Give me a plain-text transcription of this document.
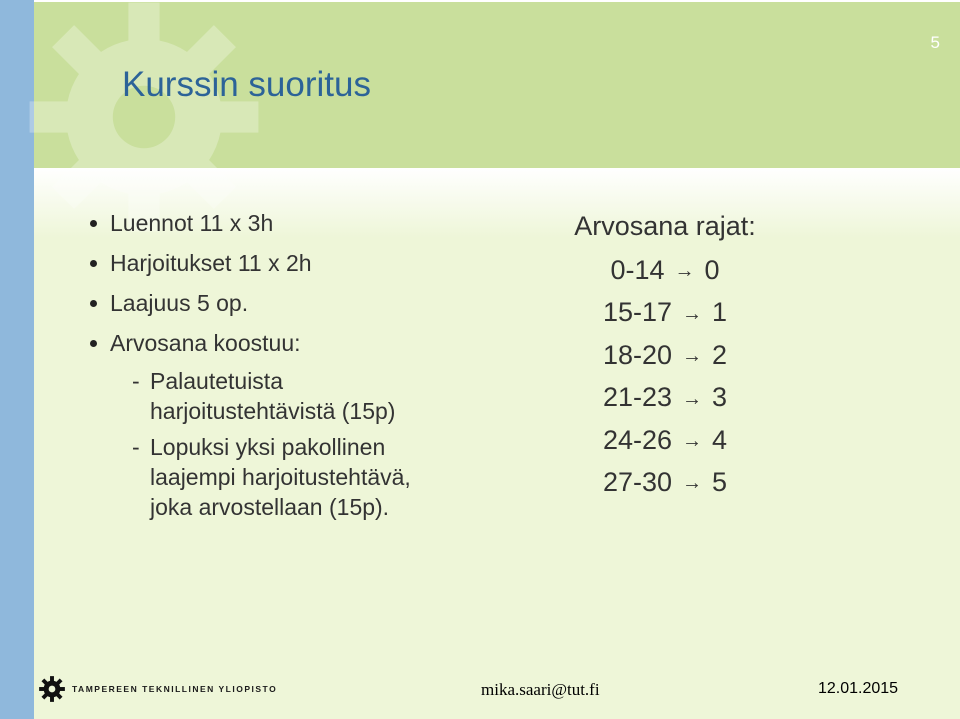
5
Kurssin suoritus
Luennot 11 x 3h
Harjoitukset 11 x 2h
Laajuus 5 op.
Arvosana koostuu:
- Palautetuista
harjoitustehtävistä (15p)
- Lopuksi yksi pakollinen
laajempi harjoitustehtävä,
joka arvostellaan (15p).
Arvosana rajat:
0-14 → 0
15-17 → 1
18-20 → 2
21-23 → 3
24-26 → 4
27-30 → 5
TAMPEREEN TEKNILLINEN YLIOPISTO	mika.saari@tut.fi	12.01.2015
